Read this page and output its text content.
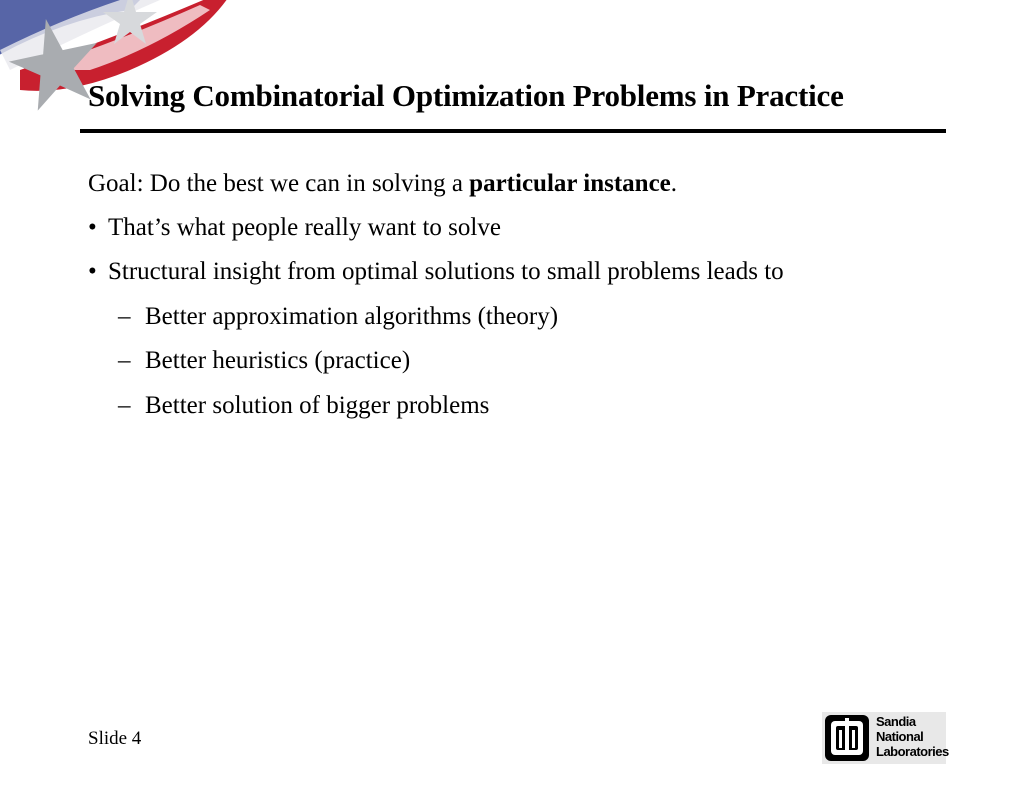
Solving Combinatorial Optimization Problems in Practice
Goal: Do the best we can in solving a particular instance.
• That’s what people really want to solve
• Structural insight from optimal solutions to small problems leads to
– Better approximation algorithms (theory)
– Better heuristics (practice)
– Better solution of bigger problems
Slide 4
Sandia
National
Laboratories
